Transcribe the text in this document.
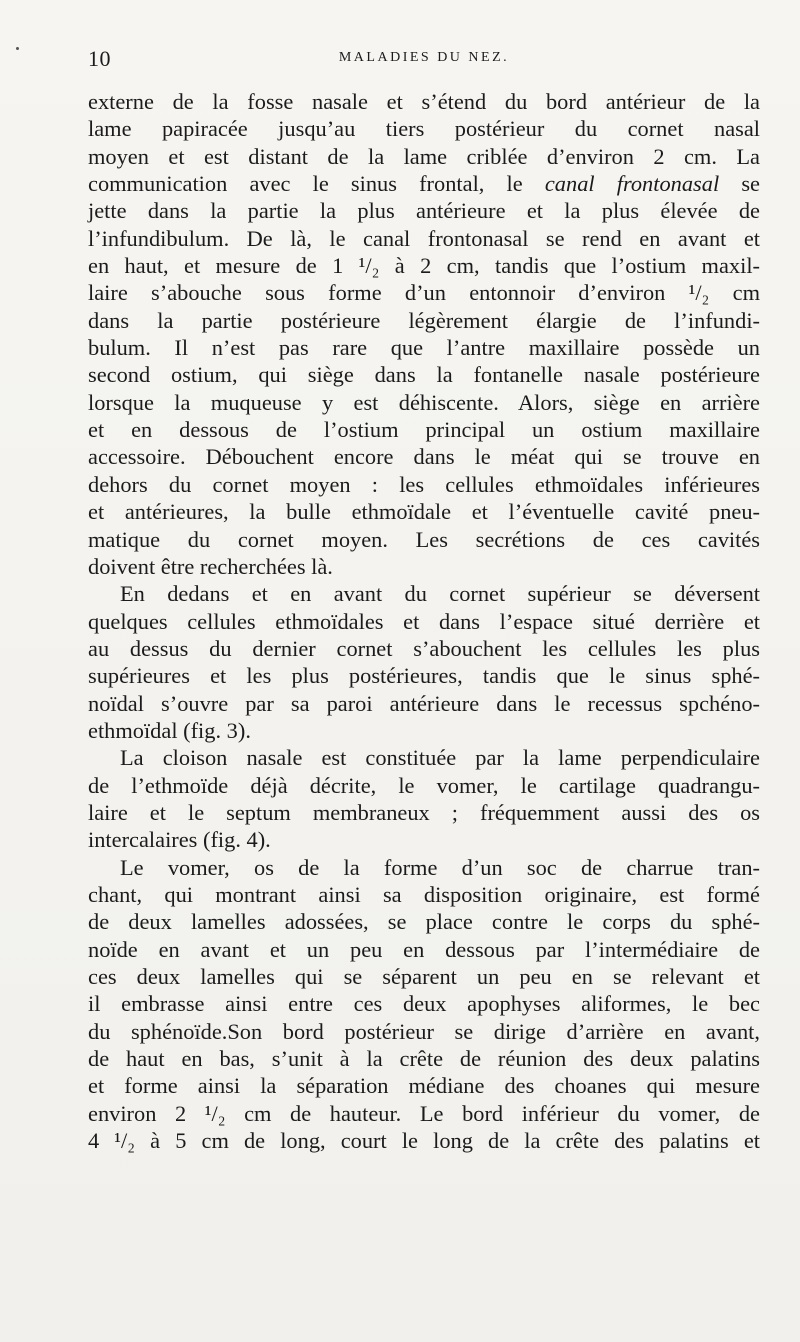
10	MALADIES DU NEZ.
externe de la fosse nasale et s’étend du bord antérieur de la
lame papiracée jusqu’au tiers postérieur du cornet nasal
moyen et est distant de la lame criblée d’environ 2 cm. La
communication avec le sinus frontal, le canal frontonasal se
jette dans la partie la plus antérieure et la plus élevée de
l’infundibulum. De là, le canal frontonasal se rend en avant et
en haut, et mesure de 1 ¹/₂ à 2 cm, tandis que l’ostium maxil-
laire s’abouche sous forme d’un entonnoir d’environ ¹/₂ cm
dans la partie postérieure légèrement élargie de l’infundi-
bulum. Il n’est pas rare que l’antre maxillaire possède un
second ostium, qui siège dans la fontanelle nasale postérieure
lorsque la muqueuse y est déhiscente. Alors, siège en arrière
et en dessous de l’ostium principal un ostium maxillaire
accessoire. Débouchent encore dans le méat qui se trouve en
dehors du cornet moyen : les cellules ethmoïdales inférieures
et antérieures, la bulle ethmoïdale et l’éventuelle cavité pneu-
matique du cornet moyen. Les secrétions de ces cavités
doivent être recherchées là.
En dedans et en avant du cornet supérieur se déversent
quelques cellules ethmoïdales et dans l’espace situé derrière et
au dessus du dernier cornet s’abouchent les cellules les plus
supérieures et les plus postérieures, tandis que le sinus sphé-
noïdal s’ouvre par sa paroi antérieure dans le recessus spchéno-
ethmoïdal (fig. 3).
La cloison nasale est constituée par la lame perpendiculaire
de l’ethmoïde déjà décrite, le vomer, le cartilage quadrangu-
laire et le septum membraneux ; fréquemment aussi des os
intercalaires (fig. 4).
Le vomer, os de la forme d’un soc de charrue tran-
chant, qui montrant ainsi sa disposition originaire, est formé
de deux lamelles adossées, se place contre le corps du sphé-
noïde en avant et un peu en dessous par l’intermédiaire de
ces deux lamelles qui se séparent un peu en se relevant et
il embrasse ainsi entre ces deux apophyses aliformes, le bec
du sphénoïde.Son bord postérieur se dirige d’arrière en avant,
de haut en bas, s’unit à la crête de réunion des deux palatins
et forme ainsi la séparation médiane des choanes qui mesure
environ 2 ¹/₂ cm de hauteur. Le bord inférieur du vomer, de
4 ¹/₂ à 5 cm de long, court le long de la crête des palatins et
